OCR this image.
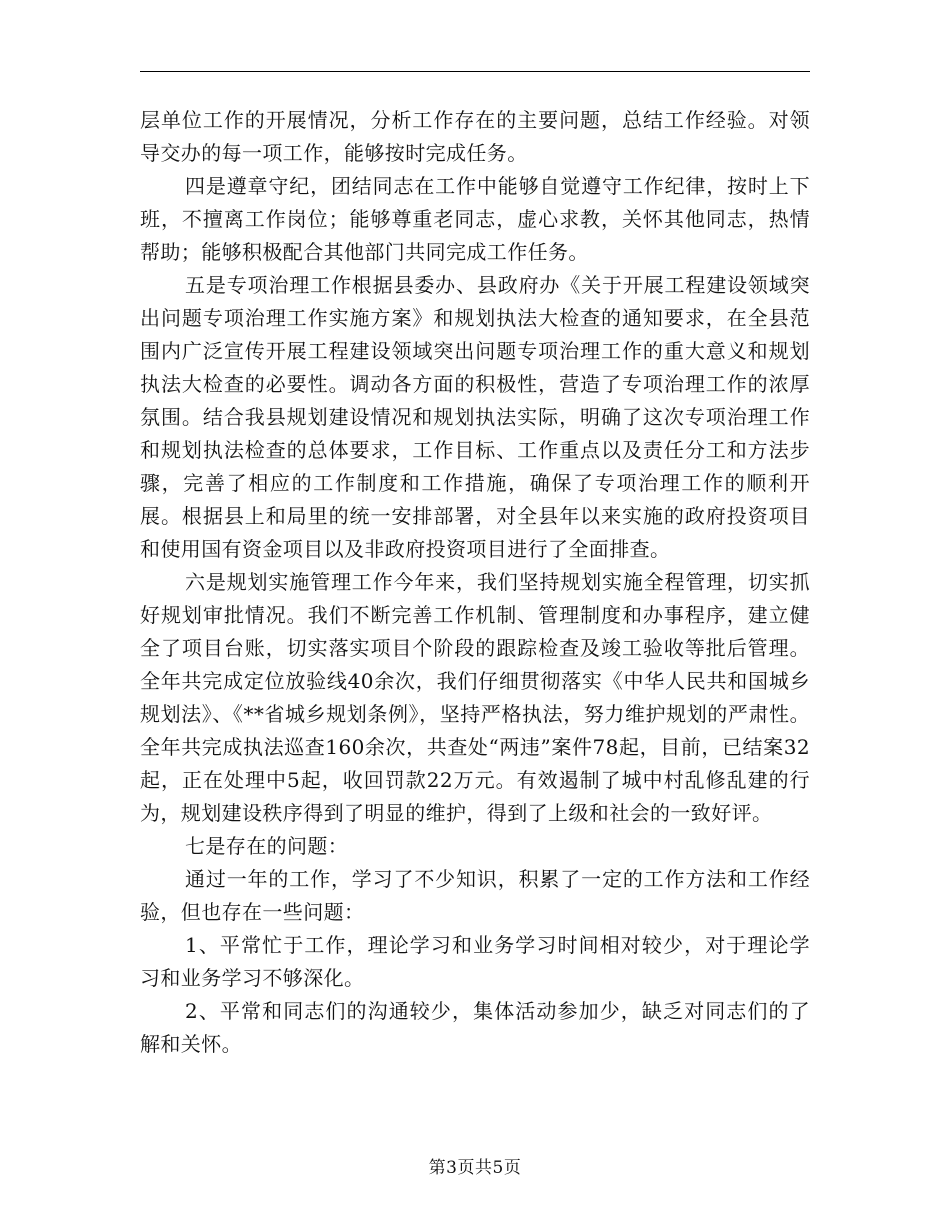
层单位工作的开展情况，分析工作存在的主要问题，总结工作经验。对领导交办的每一项工作，能够按时完成任务。

四是遵章守纪，团结同志在工作中能够自觉遵守工作纪律，按时上下班，不擅离工作岗位；能够尊重老同志，虚心求教，关怀其他同志，热情帮助；能够积极配合其他部门共同完成工作任务。

五是专项治理工作根据县委办、县政府办《关于开展工程建设领域突出问题专项治理工作实施方案》和规划执法大检查的通知要求，在全县范围内广泛宣传开展工程建设领域突出问题专项治理工作的重大意义和规划执法大检查的必要性。调动各方面的积极性，营造了专项治理工作的浓厚氛围。结合我县规划建设情况和规划执法实际，明确了这次专项治理工作和规划执法检查的总体要求，工作目标、工作重点以及责任分工和方法步骤，完善了相应的工作制度和工作措施，确保了专项治理工作的顺利开展。根据县上和局里的统一安排部署，对全县年以来实施的政府投资项目和使用国有资金项目以及非政府投资项目进行了全面排查。

六是规划实施管理工作今年来，我们坚持规划实施全程管理，切实抓好规划审批情况。我们不断完善工作机制、管理制度和办事程序，建立健全了项目台账，切实落实项目个阶段的跟踪检查及竣工验收等批后管理。全年共完成定位放验线40余次，我们仔细贯彻落实《中华人民共和国城乡规划法》、《**省城乡规划条例》，坚持严格执法，努力维护规划的严肃性。全年共完成执法巡查160余次，共查处“两违”案件78起，目前，已结案32起，正在处理中5起，收回罚款22万元。有效遏制了城中村乱修乱建的行为，规划建设秩序得到了明显的维护，得到了上级和社会的一致好评。

七是存在的问题：

通过一年的工作，学习了不少知识，积累了一定的工作方法和工作经验，但也存在一些问题：

1、平常忙于工作，理论学习和业务学习时间相对较少，对于理论学习和业务学习不够深化。

2、平常和同志们的沟通较少，集体活动参加少，缺乏对同志们的了解和关怀。

第3页共5页
